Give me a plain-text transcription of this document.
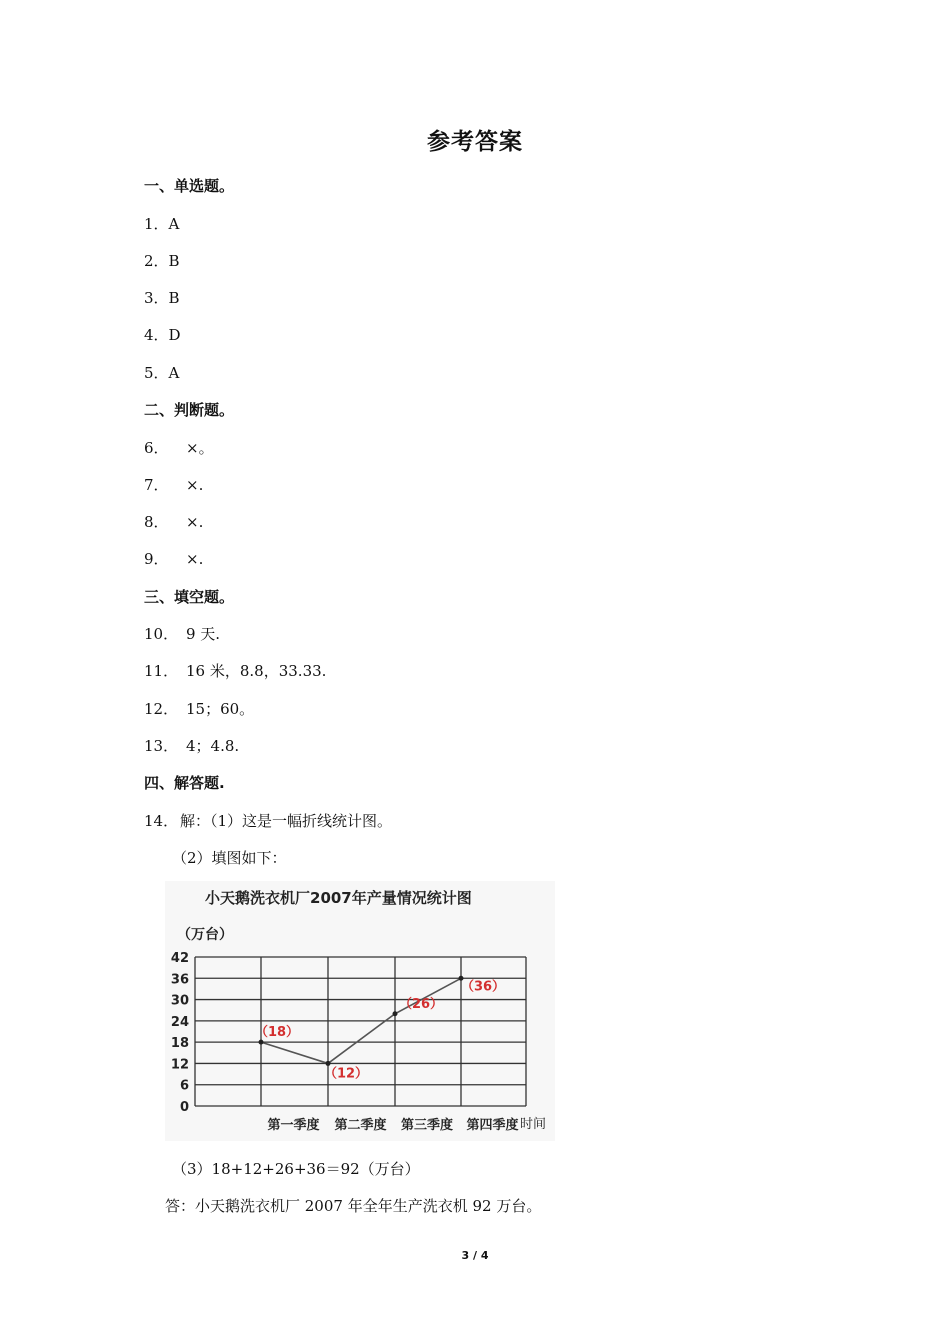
参考答案
一、单选题。
1．A
2．B
3．B
4．D
5．A
二、判断题。
6． ×。
7． ×.
8． ×.
9． ×.
三、填空题。
10． 9 天.
11． 16 米，8.8，33.33.
12． 15；60。
13． 4；4.8.
四、解答题.
14． 解：（1）这是一幅折线统计图。
（2）填图如下：
小天鹅洗衣机厂2007年产量情况统计图
（万台）
0
6
12
18
24
30
36
42
第一季度 第二季度 第三季度 第四季度
（18）
（12）
（26）
（36）
时间
（3）18+12+26+36＝92（万台）
答：小天鹅洗衣机厂 2007 年全年生产洗衣机 92 万台。
3 / 4
